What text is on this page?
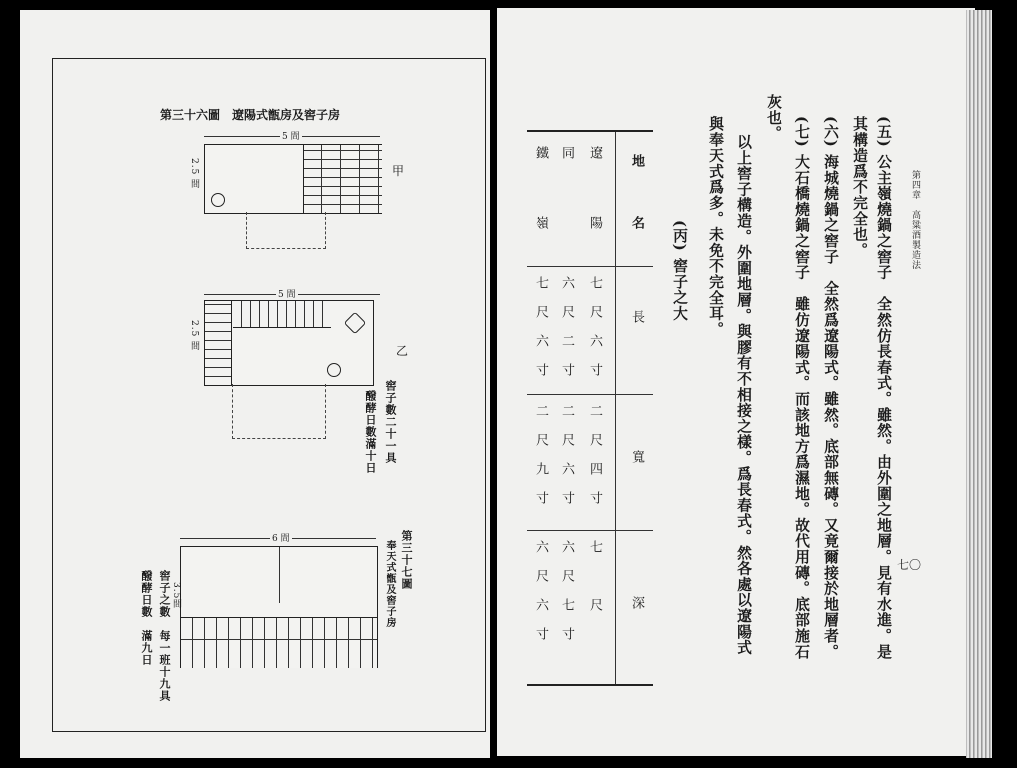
第三十六圖　遼陽式甑房及窖子房
5 間
2.5 間	甲
5 間
2.5 間	乙
窖子數二十一具
醱酵日數滿十日
第三十七圖
奉天式甑及窖子房
6 間
3.5間
窖子之數　每一班十九具
醱酵日數　滿九日
第四章　高粱酒製造法
七〇
(五) 公主嶺燒鍋之窖子　全然仿長春式。雖然。由外圍之地層。見有水進。是
其構造爲不完全也。
(六) 海城燒鍋之窖子　全然爲遼陽式。雖然。底部無磚。又竟爾接於地層者。
(七) 大石橋燒鍋之窖子　雖仿遼陽式。而該地方爲濕地。故代用磚。底部施石
灰也。
以上窖子構造。外圍地層。與膠有不相接之樣。爲長春式。然各處以遼陽式
與奉天式爲多。未免不完全耳。
(丙) 窖子之大
地　名
長
寬
深
遼　陽
七尺六寸
二尺四寸
七　尺
同
六尺二寸
二尺六寸
六尺七寸
鐵　嶺
七尺六寸
二尺九寸
六尺六寸
